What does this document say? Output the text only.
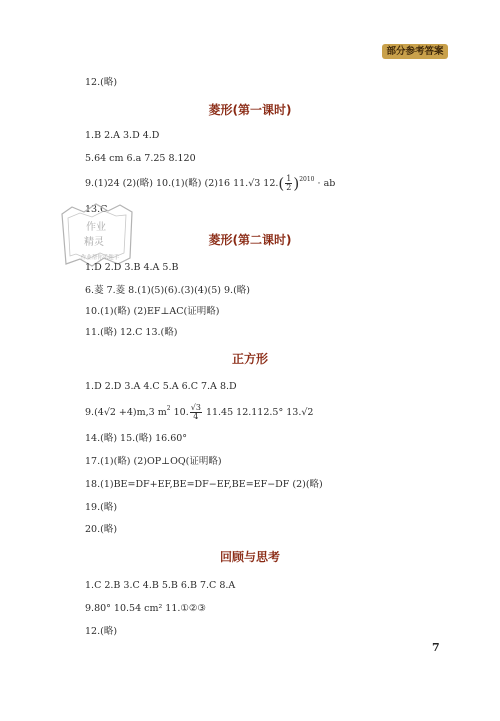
部分参考答案
12.(略)
菱形(第一课时)
1.B 2.A 3.D 4.D
5.64 cm 6.a 7.25 8.120
9.(1)24 (2)(略) 10.(1)(略) (2)16 11.√3 $12.( \frac{1}{2} )^{2010}$ · ab
13.C
作业
精灵
作业帮你乐趣手
菱形(第二课时)
1.D 2.D 3.B 4.A 5.B
6.菱 7.菱 8.(1)(5)(6).(3)(4)(5) 9.(略)
10.(1)(略) (2)EF⊥AC(证明略)
11.(略) 12.C 13.(略)
正方形
1.D 2.D 3.A 4.C 5.A 6.C 7.A 8.D
9.(4√2 +4)m,3 $m^2$ 10. $\frac{√3}{4} 11.45$ 12.112.5° 13.√2
14.(略) 15.(略) 16.60°
17.(1)(略) (2)OP⊥OQ(证明略)
18.(1)BE=DF+EF,BE=DF−EF,BE=EF−DF (2)(略)
19.(略)
20.(略)
回顾与思考
1.C 2.B 3.C 4.B 5.B 6.B 7.C 8.A
9.80° 10.54 cm² 11.①②③
12.(略)
7
